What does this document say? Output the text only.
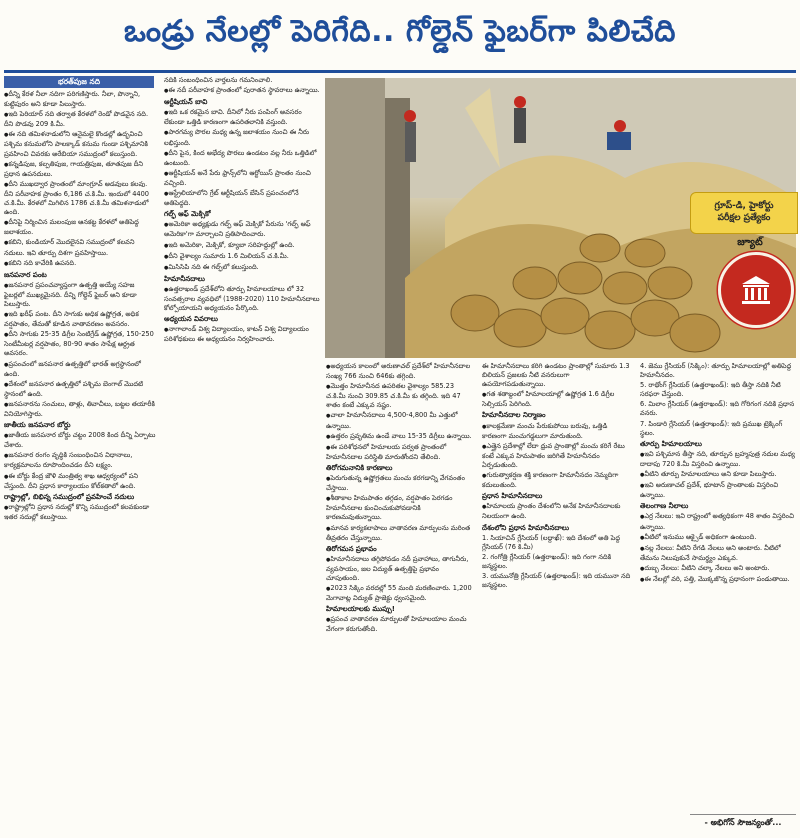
ఒండ్రు నేలల్లో పెరిగేది.. గోల్డెన్ ఫైబర్‌గా పిలిచేది
భరత్‌పుజ నది

● దీన్ని కేరళ నీలా నదిగా పరిగణిస్తారు. నీలా, పొన్నాని, కుట్టిపురం అని కూడా పిలుస్తారు.

● ఇది పెరియార్ నది తర్వాత కేరళలో రెండో పొడవైన నది. దీని పొడవు 209 కి.మీ.

● ఈ నది తమిళనాడులోని ఆనైమలై కొండల్లో ఉద్భవించి పశ్చిమ కనుమలోని పాలక్కాడ్ కనుమ గుండా పశ్చిమానికి ప్రవహించి చివరకు అరేబియా సముద్రంలో కలుస్తుంది.

● కన్నడిపుజ, కల్పతిపుజ, గాయత్రిపుజ, తూతపుజ దీని ప్రధాన ఉపనదులు.

● దీని ముఖద్వార ప్రాంతంలో మాంగ్రూవ్ అడవులు కలవు. దీని పరీవాహక ప్రాంతం 6,186 చ.కి.మీ. ఇందులో 4400 చ.కి.మీ. కేరళలో మిగిలిన 1786 చ.కి.మీ తమిళనాడులో ఉంది.

● దీనిపై నిర్మించిన మలంపుజ ఆనకట్ట కేరళలో అతిపెద్ద జలాశయం.

● కబిని, కుండియార్ మొదలైనవి సముద్రంలో కలవని నదులు. ఇవి తూర్పు దిశగా ప్రవహిస్తాయి.

● కబిని నది కావేరికి ఉపనది.

జనపనార పంట

● జనపనార ప్రపంచవ్యాప్తంగా ఉత్పత్తి అయ్యే సహజ ఫైబర్లలో ముఖ్యమైనది. దీన్ని గోల్డెన్ ఫైబర్ అని కూడా పిలుస్తారు.

● ఇది ఖరీఫ్ పంట. దీని సాగుకు అధిక ఉష్ణోగ్రత, అధిక వర్షపాతం, తేమతో కూడిన వాతావరణం అవసరం.

● దీని సాగుకు 25-35 డిగ్రీల సెంటిగ్రేడ్ ఉష్ణోగ్రత, 150-250 సెంటీమీటర్ల వర్షపాతం, 80-90 శాతం సాపేక్ష ఆర్ద్రత అవసరం.

● ప్రపంచంలో జనపనార ఉత్పత్తిలో భారత్ అగ్రస్థానంలో ఉంది.

● దేశంలో జనపనార ఉత్పత్తిలో పశ్చిమ బెంగాల్ మొదటి స్థానంలో ఉంది.

● జనపనారను సంచులు, తాళ్లు, తివాచీలు, బట్టల తయారీకి వినియోగిస్తారు.

జాతీయ జనపనార బోర్డు

● జాతీయ జనపనార బోర్డు చట్టం 2008 కింద దీన్ని ఏర్పాటు చేశారు.

● జనపనార రంగం వృద్ధికి సంబంధించిన విధానాలు, కార్యక్రమాలను రూపొందించడం దీని లక్ష్యం.

● ఈ బోర్డు కేంద్ర జౌళి మంత్రిత్వ శాఖ ఆధ్వర్యంలో పని చేస్తుంది. దీని ప్రధాన కార్యాలయం కోల్‌కతాలో ఉంది.

రాష్ట్రాల్లో, బిభిన్న సముద్రంలో ప్రవహించే నదులు

● రాష్ట్రాల్లోని ప్రధాన నదుల్లో కొన్ని సముద్రంలో కలవకుండా ఇతర నదుల్లో కలుస్తాయి.

నదికి సంబంధించిన వార్తలను గమనించాలి.

● ఈ నదీ పరీవాహక ప్రాంతంలో పురాతన స్థావరాలు ఉన్నాయి.

ఆర్టీషియన్ బావి

● ఇది ఒక రకమైన బావి. దీనిలో నీరు పంపింగ్ అవసరం లేకుండా ఒత్తిడి కారణంగా ఉపరితలానికి వస్తుంది.

● పారగమ్య పొరల మధ్య ఉన్న జలాశయం నుంచి ఈ నీరు లభిస్తుంది.

● దీని పైన, కింద అభేద్య పొరలు ఉండటం వల్ల నీరు ఒత్తిడిలో ఉంటుంది.

● ఆర్టీషియన్ అనే పేరు ఫ్రాన్స్‌లోని ఆర్టోయిస్ ప్రాంతం నుంచి వచ్చింది.

● ఆస్ట్రేలియాలోని గ్రేట్ ఆర్టీషియన్ బేసిన్ ప్రపంచంలోనే అతిపెద్దది.

గల్ఫ్ ఆఫ్ మెక్సికో

● అమెరికా అధ్యక్షుడు గల్ఫ్ ఆఫ్ మెక్సికో పేరును 'గల్ఫ్ ఆఫ్ అమెరికా'గా మార్చాలని ప్రతిపాదించారు.

● ఇది అమెరికా, మెక్సికో, క్యూబా సరిహద్దుల్లో ఉంది.

● దీని వైశాల్యం సుమారు 1.6 మిలియన్ చ.కి.మీ.

● మిసిసిపి నది ఈ గల్ఫ్‌లో కలుస్తుంది.

హిమానీనదాలు

● ఉత్తరాఖండ్ ప్రదేశ్‌లోని తూర్పు హిమాలయాలు లో 32 సంవత్సరాల వ్యవధిలో (1988-2020) 110 హిమానీనదాలు కోల్పోయాయని అధ్యయనం పేర్కొంది.

అధ్యయన వివరాలు

● నాగాలాండ్ విశ్వ విద్యాలయం, కాటన్ విశ్వ విద్యాలయం పరిశోధకులు ఈ అధ్యయనం నిర్వహించారు.

గ్రూప్-డి, హైకోర్టు
పరీక్షల ప్రత్యేకం
జ్యూట్

● అధ్యయన కాలంలో అరుణాచల్ ప్రదేశ్‌లో హిమానీనదాల సంఖ్య 766 నుంచి 646కు తగ్గింది.

● మొత్తం హిమానీనద ఉపరితల వైశాల్యం 585.23 చ.కి.మీ నుంచి 309.85 చ.కి.మీ కు తగ్గింది. ఇది 47 శాతం కంటే ఎక్కువ నష్టం.

● చాలా హిమానీనదాలు 4,500-4,800 మీ ఎత్తులో ఉన్నాయి.

● ఉత్తరం ప్రవృతిమ ఉండే వాలు 15-35 డిగ్రీలు ఉన్నాయి.

● ఈ పరిశోధనలో హిమాలయ పర్వత ప్రాంతంలో హిమానీనదాల పరిస్థితి మారుతోందని తేలింది.

తిరోగమనానికి కారణాలు

● పెరుగుతున్న ఉష్ణోగ్రతలు మంచు కరగడాన్ని వేగవంతం చేస్తాయి.

● శీతాకాల హిమపాతం తగ్గడం, వర్షపాతం పెరగడం హిమానీనదాల కుంచించుకుపోవడానికి కారణమవుతున్నాయి.

● మానవ కార్యకలాపాలు వాతావరణ మార్పులను మరింత తీవ్రతరం చేస్తున్నాయి.

తిరోగమన ప్రభావం

● హిమానీనదాలు తగ్గిపోవడం నదీ ప్రవాహాలు, తాగునీరు, వ్యవసాయం, జల విద్యుత్ ఉత్పత్తిపై ప్రభావం చూపుతుంది.

● 2023 సిక్కిం వరదల్లో 55 మంది మరణించారు. 1,200 మెగావాట్ల విద్యుత్ ప్రాజెక్టు ధ్వంసమైంది.

హిమాలయాలకు ముప్పు!

● ప్రపంచ వాతావరణ మార్పులతో హిమాలయాల మంచు వేగంగా కరుగుతోంది.

ఈ హిమానీనదాలు కరిగి ఉండటం ప్రాంతాల్లో సుమారు 1.3 బిలియన్ ప్రజలకు నీటి వనరులుగా ఉపయోగపడుతున్నాయి.

● గత శతాబ్దంలో హిమాలయాల్లో ఉష్ణోగ్రత 1.6 డిగ్రీల సెల్సియస్ పెరిగింది.

హిమానీనదాల నిర్మాణం

● కాలక్రమేణా మంచు పేరుకుపోయి బరువు, ఒత్తిడి కారణంగా మంచుగడ్డలుగా మారుతుంది.

● ఎత్తైన ప్రదేశాల్లో లేదా ధ్రువ ప్రాంతాల్లో మంచు కరిగే రేటు కంటే ఎక్కువ హిమపాతం జరిగితే హిమానీనదం ఏర్పడుతుంది.

● గురుత్వాకర్షణ శక్తి కారణంగా హిమానీనదం నెమ్మదిగా కదులుతుంది.

ప్రధాన హిమానీనదాలు

● హిమాలయ ప్రాంతం దేశంలోని అనేక హిమానీనదాలకు నిలయంగా ఉంది.

దేశంలోని ప్రధాన హిమానీనదాలు

1. సియాచిన్ గ్లేసియర్ (లద్దాఖ్): ఇది దేశంలో అతి పెద్ద గ్లేసియర్ (76 కి.మీ)

2. గంగోత్రి గ్లేసియర్ (ఉత్తరాఖండ్): ఇది గంగా నదికి జన్మస్థలం.

3. యమునోత్రి గ్లేసియర్ (ఉత్తరాఖండ్): ఇది యమునా నది జన్మస్థలం.

4. జెము గ్లేసియర్ (సిక్కిం): తూర్పు హిమాలయాల్లో అతిపెద్ద హిమానీనదం.

5. రాథోంగ్ గ్లేసియర్ (ఉత్తరాఖండ్): ఇది తీస్తా నదికి నీటి సరఫరా చేస్తుంది.

6. మిలాం గ్లేసియర్ (ఉత్తరాఖండ్): ఇది గోరిగంగ నదికి ప్రధాన వనరు.

7. పిండారి గ్లేసియర్ (ఉత్తరాఖండ్): ఇది ప్రముఖ ట్రెక్కింగ్ స్థలం.

తూర్పు హిమాలయాలు

● ఇవి పశ్చిమాన తీస్తా నది, తూర్పున బ్రహ్మపుత్ర నదుల మధ్య దాదాపు 720 కి.మీ విస్తరించి ఉన్నాయి.

● వీటిని తూర్పు హిమాలయాలు అని కూడా పిలుస్తారు.

● ఇవి అరుణాచల్ ప్రదేశ్, భూటాన్ ప్రాంతాలకు విస్తరించి ఉన్నాయి.

తెలంగాణ నీలాలు

● ఎర్ర నేలలు: ఇవి రాష్ట్రంలో అత్యధికంగా 48 శాతం విస్తరించి ఉన్నాయి.

● వీటిలో ఇనుము ఆక్సైడ్ అధికంగా ఉంటుంది.

● నల్ల నేలలు: వీటిని రేగడి నేలలు అని అంటారు. వీటిలో తేమను నిలుపుకునే సామర్థ్యం ఎక్కువ.

● దుబ్బ నేలలు: వీటిని చల్కా నేలలు అని అంటారు.

● ఈ నేలల్లో వరి, పత్తి, మొక్కజొన్న ప్రధానంగా పండుతాయి.

- అభిగోన్ సౌజన్యంతో...
